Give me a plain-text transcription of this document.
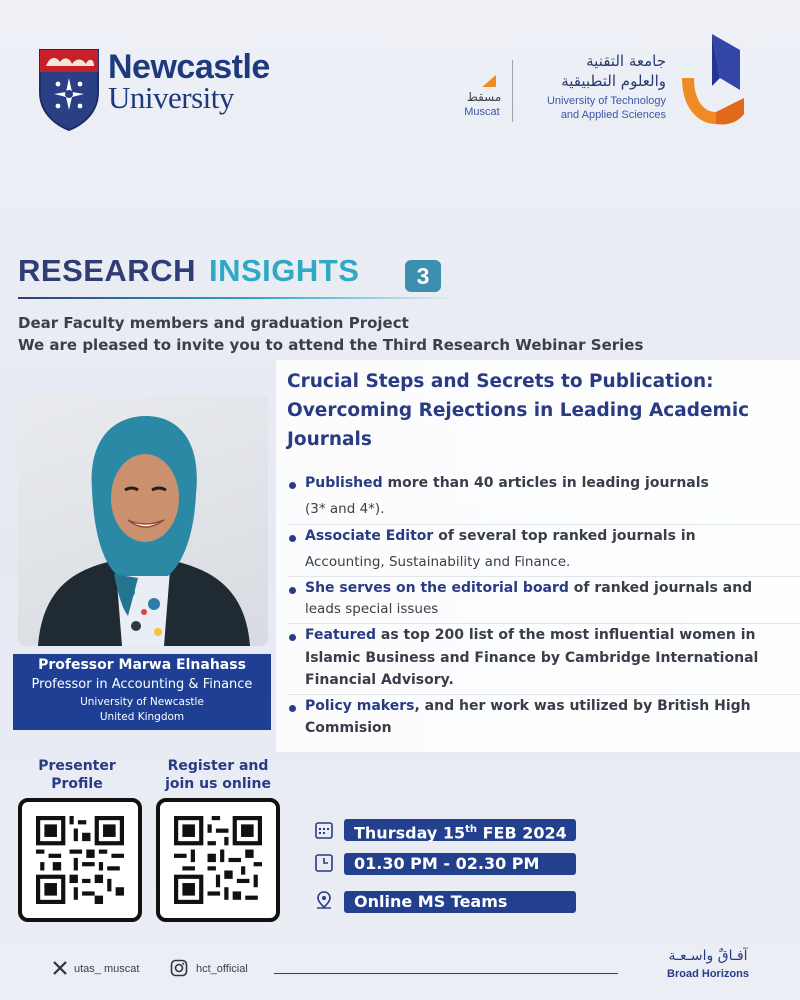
Newcastle
University	مسقط
Muscat
جامعة التقنية
والعلوم التطبيقية
University of Technology
and Applied Sciences
RESEARCH INSIGHTS	3
Dear Faculty members and graduation Project
We are pleased to invite you to attend the Third Research Webinar Series
Professor Marwa Elnahass
Professor in Accounting & Finance
University of Newcastle
United Kingdom
Crucial Steps and Secrets to Publication:
Overcoming Rejections in Leading Academic
Journals
Published more than 40 articles in leading journals
(3* and 4*).
Associate Editor of several top ranked journals in
Accounting, Sustainability and Finance.
She serves on the editorial board of ranked journals and
leads special issues
Featured as top 200 list of the most influential women in
Islamic Business and Finance by Cambridge International
Financial Advisory.
Policy makers, and her work was utilized by British High
Commision
Presenter
Profile
Register and
join us online
Thursday 15th FEB 2024
01.30 PM - 02.30 PM
Online MS Teams
utas_ muscat	hct_official
آفـاقٌ واسـعـة
Broad Horizons
